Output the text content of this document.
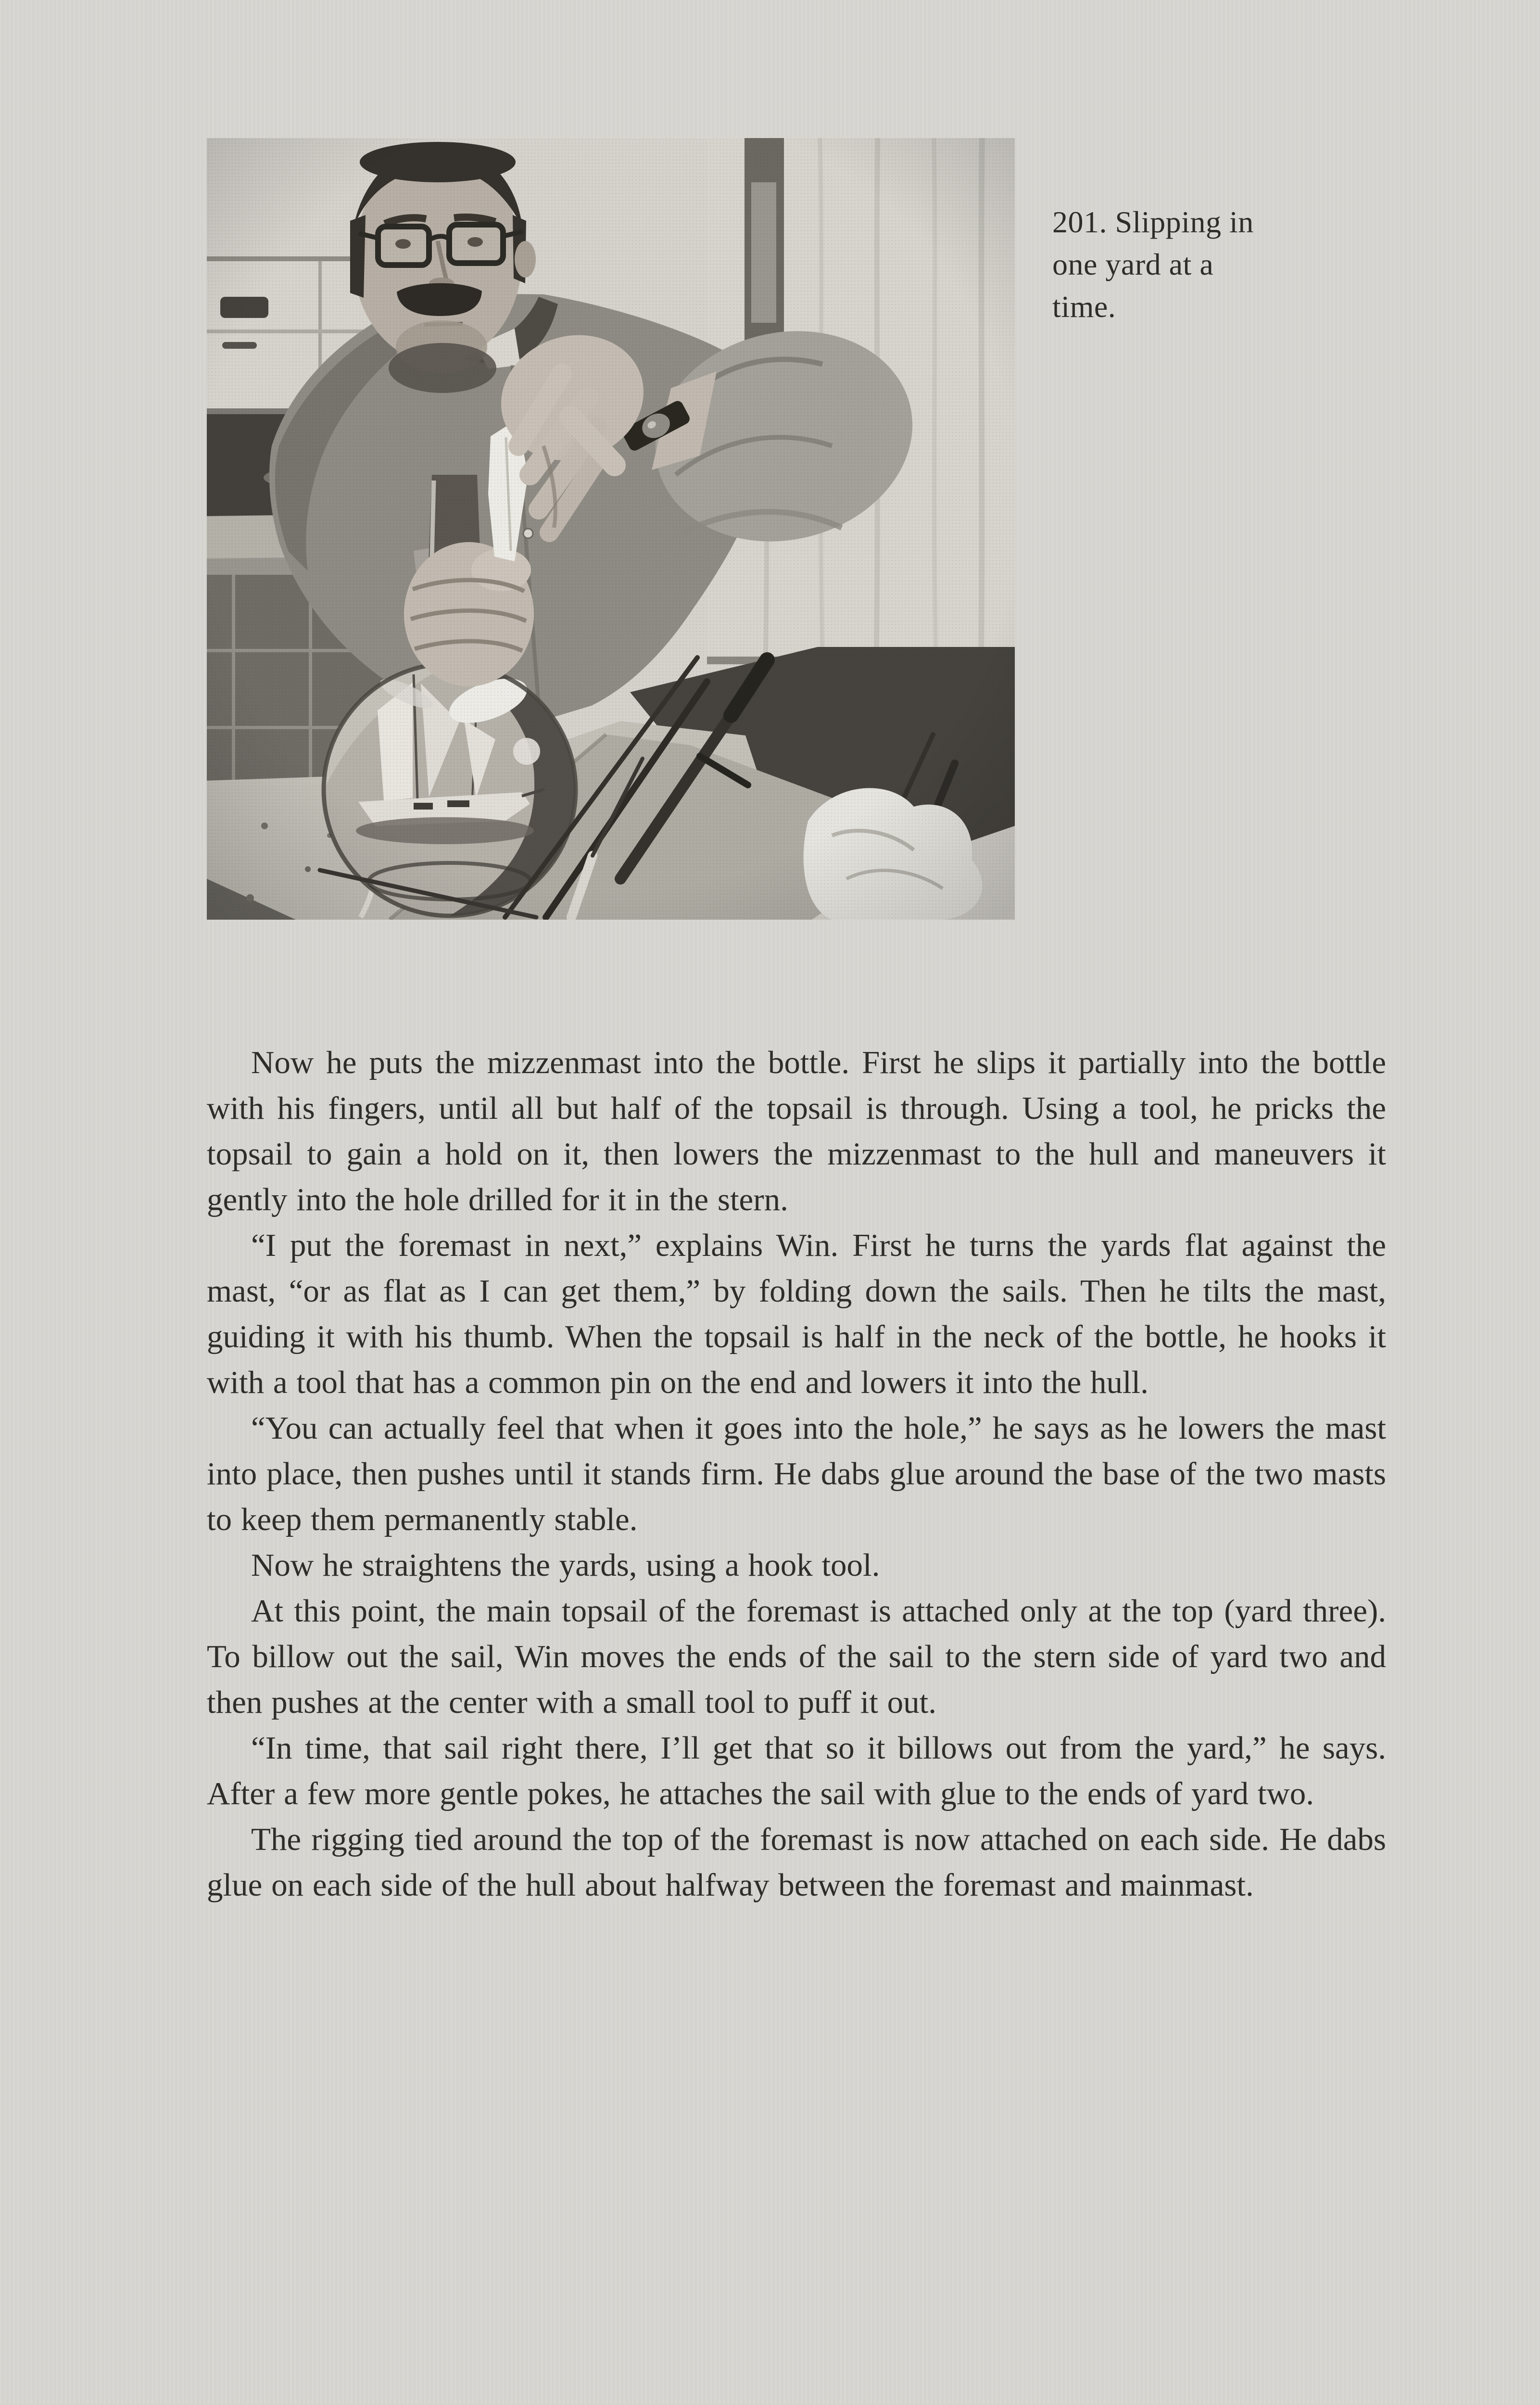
201. Slipping in
one yard at a
time.

Now he puts the mizzenmast into the bottle. First he slips it partially into the bottle with his fingers, until all but half of the topsail is through. Using a tool, he pricks the topsail to gain a hold on it, then lowers the mizzenmast to the hull and maneuvers it gently into the hole drilled for it in the stern.

“I put the foremast in next,” explains Win. First he turns the yards flat against the mast, “or as flat as I can get them,” by folding down the sails. Then he tilts the mast, guiding it with his thumb. When the topsail is half in the neck of the bottle, he hooks it with a tool that has a common pin on the end and lowers it into the hull.

“You can actually feel that when it goes into the hole,” he says as he lowers the mast into place, then pushes until it stands firm. He dabs glue around the base of the two masts to keep them permanently stable.

Now he straightens the yards, using a hook tool.

At this point, the main topsail of the foremast is attached only at the top (yard three). To billow out the sail, Win moves the ends of the sail to the stern side of yard two and then pushes at the center with a small tool to puff it out.

“In time, that sail right there, I’ll get that so it billows out from the yard,” he says. After a few more gentle pokes, he attaches the sail with glue to the ends of yard two.

The rigging tied around the top of the foremast is now attached on each side. He dabs glue on each side of the hull about halfway between the foremast and mainmast.
